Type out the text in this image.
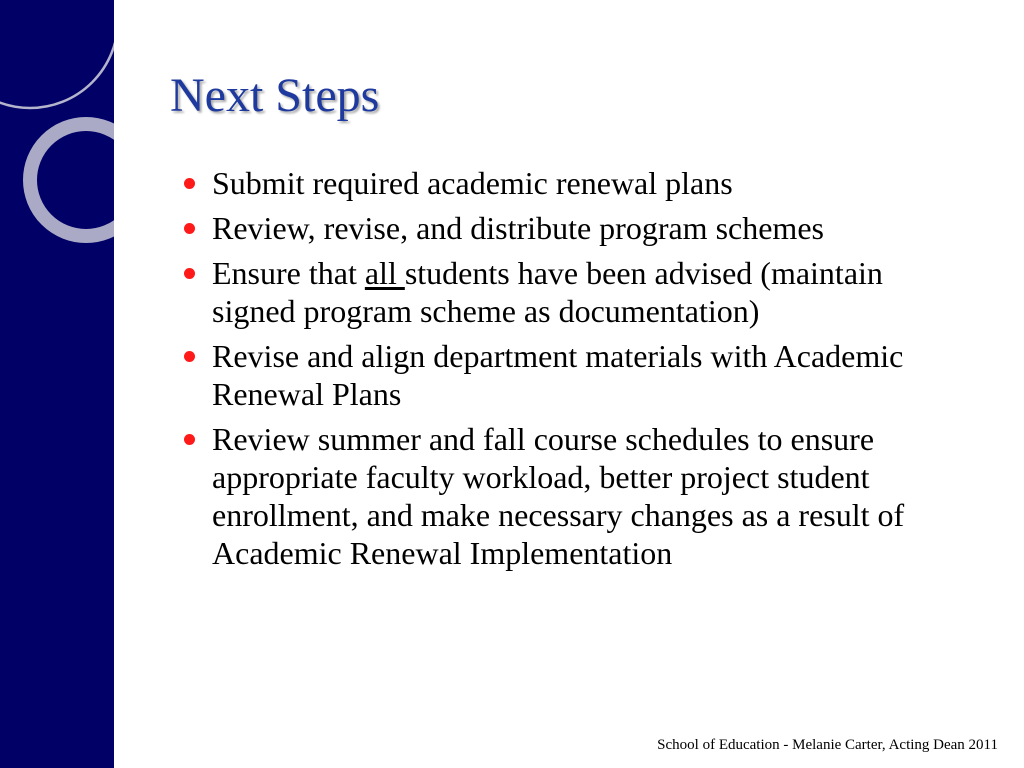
Next Steps
Submit required academic renewal plans
Review, revise, and distribute program schemes
Ensure that all students have been advised (maintain signed program scheme as documentation)
Revise and align department materials with Academic Renewal Plans
Review summer and fall course schedules to ensure appropriate faculty workload, better project student enrollment, and make necessary changes as a result of Academic Renewal Implementation
School of Education - Melanie Carter, Acting Dean 2011
